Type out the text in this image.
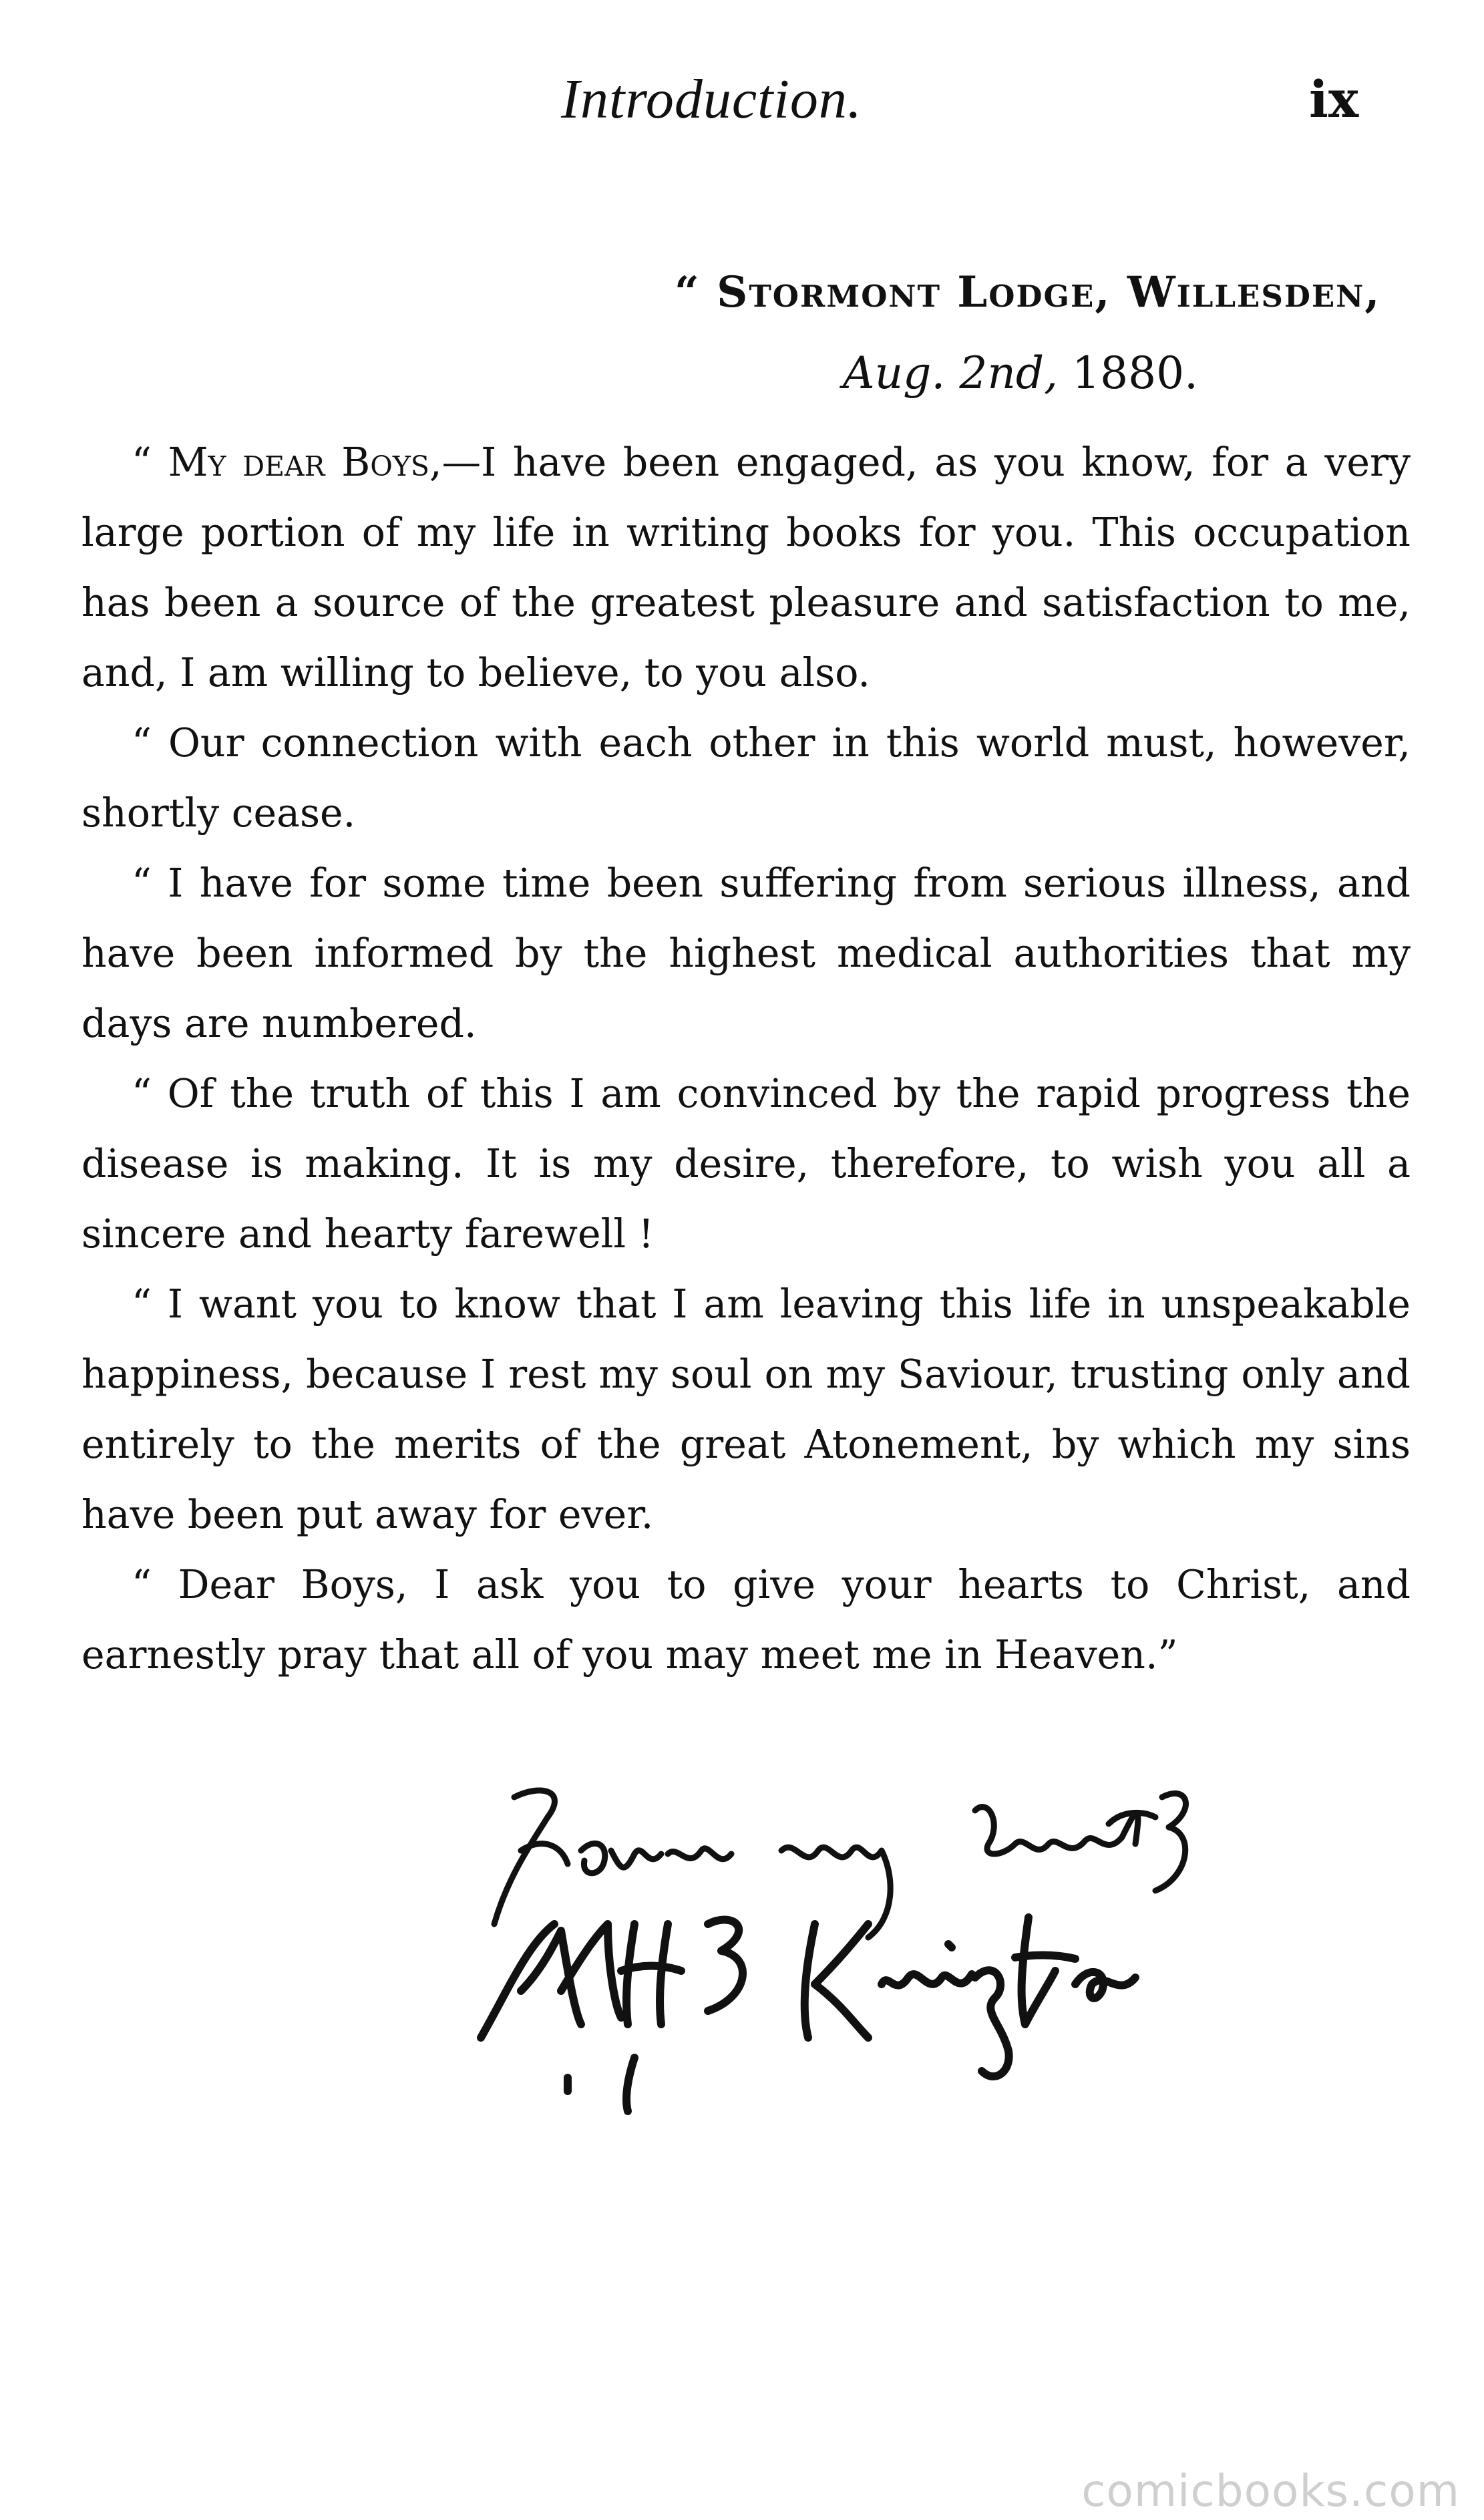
Introduction.	ix
“ Stormont Lodge, Willesden,
Aug. 2nd, 1880.

“ My dear Boys,—I have been engaged, as you know, for a very large portion of my life in writing books for you. This occupation has been a source of the greatest pleasure and satisfaction to me, and, I am willing to believe, to you also.

“ Our connection with each other in this world must, however, shortly cease.

“ I have for some time been suffering from serious illness, and have been informed by the highest medical authorities that my days are numbered.

“ Of the truth of this I am convinced by the rapid progress the disease is making. It is my desire, therefore, to wish you all a sincere and hearty farewell !

“ I want you to know that I am leaving this life in unspeakable happiness, because I rest my soul on my Saviour, trusting only and entirely to the merits of the great Atonement, by which my sins have been put away for ever.

“ Dear Boys, I ask you to give your hearts to Christ, and earnestly pray that all of you may meet me in Heaven.”

comicbooks.com
